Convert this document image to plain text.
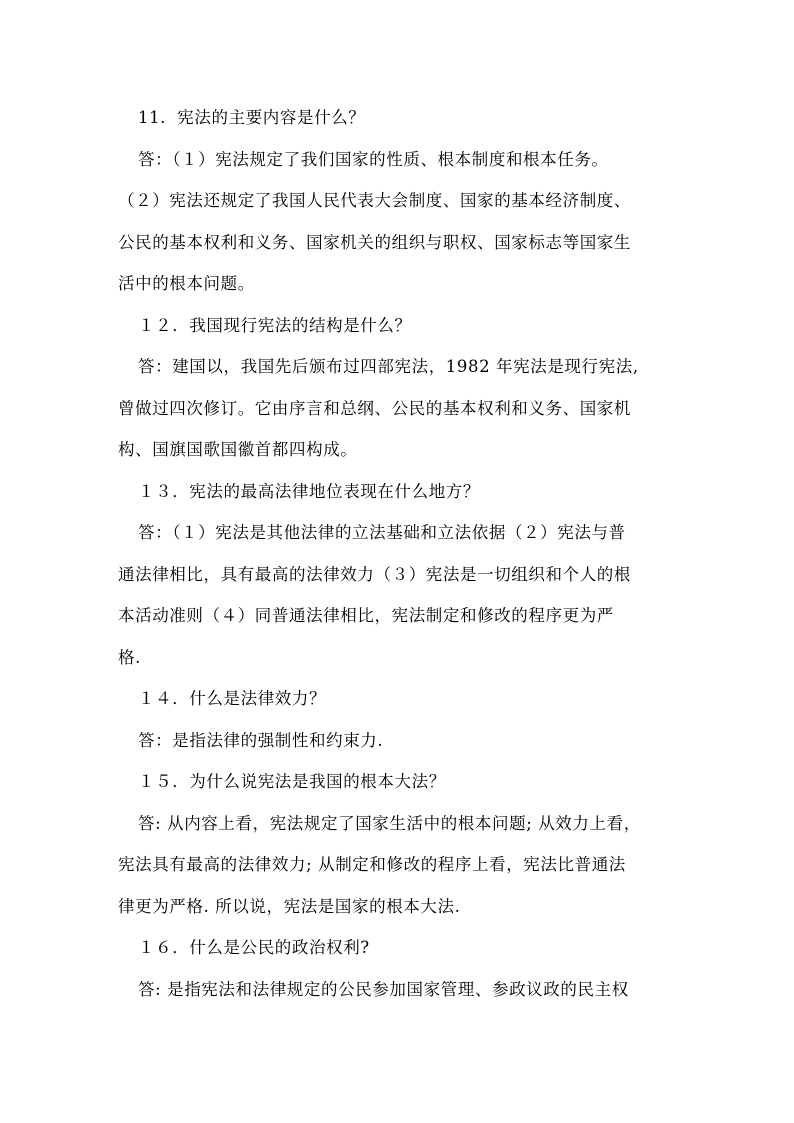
11．宪法的主要内容是什么？
答：（１）宪法规定了我们国家的性质、根本制度和根本任务。
（２）宪法还规定了我国人民代表大会制度、国家的基本经济制度、
公民的基本权利和义务、国家机关的组织与职权、国家标志等国家生
活中的根本问题。
１２．我国现行宪法的结构是什么？
答：建国以，我国先后颁布过四部宪法，1982 年宪法是现行宪法,
曾做过四次修订。它由序言和总纲、公民的基本权利和义务、国家机
构、国旗国歌国徽首都四构成。
１３．宪法的最高法律地位表现在什么地方？
答：（１）宪法是其他法律的立法基础和立法依据（２）宪法与普
通法律相比，具有最高的法律效力（３）宪法是一切组织和个人的根
本活动准则（４）同普通法律相比，宪法制定和修改的程序更为严
格.
１４．什么是法律效力？
答：是指法律的强制性和约束力.
１５．为什么说宪法是我国的根本大法？
答: 从内容上看，宪法规定了国家生活中的根本问题; 从效力上看，
宪法具有最高的法律效力; 从制定和修改的程序上看，宪法比普通法
律更为严格. 所以说，宪法是国家的根本大法.
１６．什么是公民的政治权利?
答: 是指宪法和法律规定的公民参加国家管理、参政议政的民主权
